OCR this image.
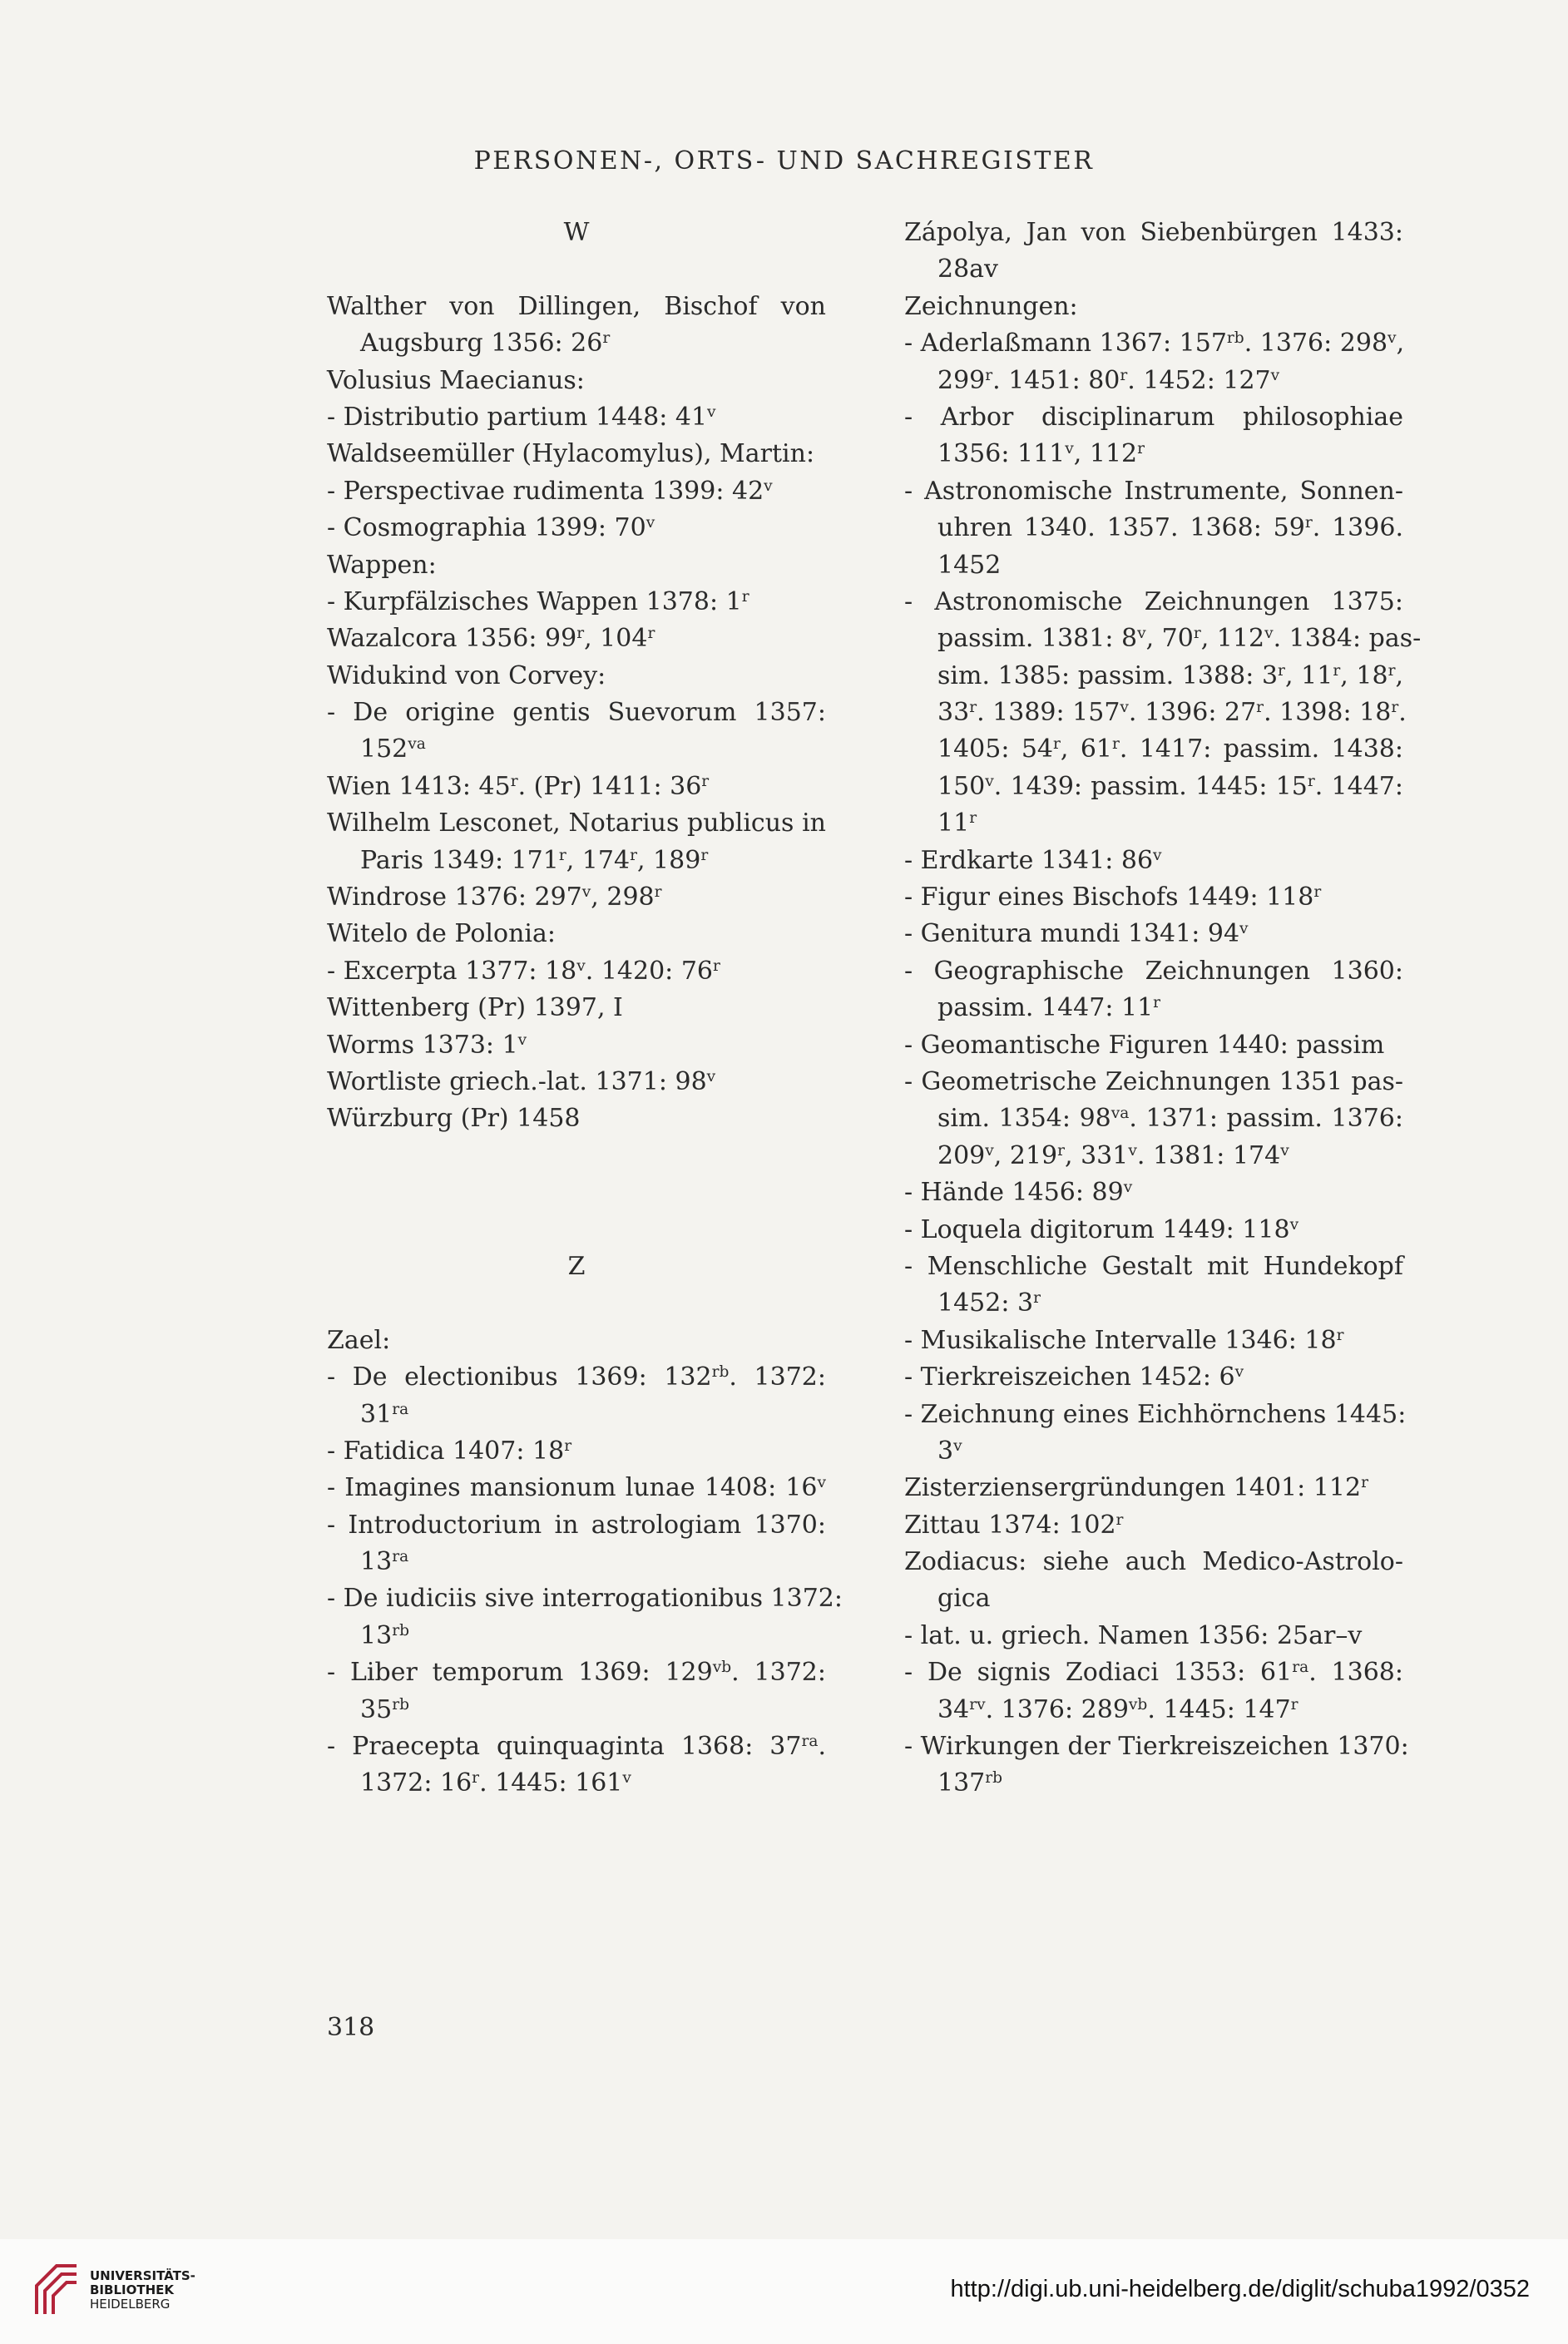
PERSONEN-, ORTS- UND SACHREGISTER
W
Walther von Dillingen, Bischof von
Augsburg 1356: 26$^r$
Volusius Maecianus:
- Distributio partium 1448: 41$^v$
Waldseemüller (Hylacomylus), Martin:
- Perspectivae rudimenta 1399: 42$^v$
- Cosmographia 1399: 70$^v$
Wappen:
- Kurpfälzisches Wappen 1378: 1$^r$
Wazalcora 1356: 99$^r$, 104$^r$
Widukind von Corvey:
- De origine gentis Suevorum 1357:
$152^{va}$
Wien 1413: 45$^r$. (Pr) 1411: 36$^r$
Wilhelm Lesconet, Notarius publicus in
Paris 1349: 171$^r$, 174$^r$, 189$^r$
Windrose 1376: 297$^v$, 298$^r$
Witelo de Polonia:
- Excerpta 1377: 18$^v$. 1420: 76$^r$
Wittenberg (Pr) 1397, I
Worms 1373: 1$^v$
Wortliste griech.-lat. 1371: 98$^v$
Würzburg (Pr) 1458
Z
Zael:
- De electionibus 1369: $132^{rb}$. 1372:
$31^{ra}$
- Fatidica 1407: 18$^r$
- Imagines mansionum lunae 1408: 16$^v$
- Introductorium in astrologiam 1370:
$13^{ra}$
- De iudiciis sive interrogationibus 1372:
$13^{rb}$
- Liber temporum 1369: $129^{vb}$. 1372:
$35^{rb}$
- Praecepta quinquaginta 1368: $37^{ra}$.
1372: 16$^r$. 1445: 161$^v$
Zápolya, Jan von Siebenbürgen 1433:
28av
Zeichnungen:
- Aderlaßmann 1367: $157^{rb}$. 1376: 298$^v$,
299$^r$. 1451: 80$^r$. 1452: 127$^v$
- Arbor disciplinarum philosophiae
1356: 111$^v$, 112$^r$
- Astronomische Instrumente, Sonnen-
uhren 1340. 1357. 1368: 59$^r$. 1396.
1452
- Astronomische Zeichnungen 1375:
passim. 1381: 8$^v$, 70$^r$, 112$^v$. 1384: pas-
sim. 1385: passim. 1388: 3$^r$, 11$^r$, 18$^r$,
33$^r$. 1389: 157$^v$. 1396: 27$^r$. 1398: 18$^r$.
1405: 54$^r$, 61$^r$. 1417: passim. 1438:
150$^v$. 1439: passim. 1445: 15$^r$. 1447:
11$^r$
- Erdkarte 1341: 86$^v$
- Figur eines Bischofs 1449: 118$^r$
- Genitura mundi 1341: 94$^v$
- Geographische Zeichnungen 1360:
passim. 1447: 11$^r$
- Geomantische Figuren 1440: passim
- Geometrische Zeichnungen 1351 pas-
sim. 1354: $98^{va}$. 1371: passim. 1376:
209$^v$, 219$^r$, 331$^v$. 1381: 174$^v$
- Hände 1456: 89$^v$
- Loquela digitorum 1449: 118$^v$
- Menschliche Gestalt mit Hundekopf
1452: 3$^r$
- Musikalische Intervalle 1346: 18$^r$
- Tierkreiszeichen 1452: 6$^v$
- Zeichnung eines Eichhörnchens 1445:
3$^v$
Zisterziensergründungen 1401: 112$^r$
Zittau 1374: 102$^r$
Zodiacus: siehe auch Medico-Astrolo-
gica
- lat. u. griech. Namen 1356: 25ar–v
- De signis Zodiaci 1353: $61^{ra}$. 1368:
$34^{rv}$. 1376: $289^{vb}$. 1445: 147$^r$
- Wirkungen der Tierkreiszeichen 1370:
$137^{rb}$
318
UNIVERSITÄTS-
BIBLIOTHEK
HEIDELBERG
http://digi.ub.uni-heidelberg.de/diglit/schuba1992/0352
